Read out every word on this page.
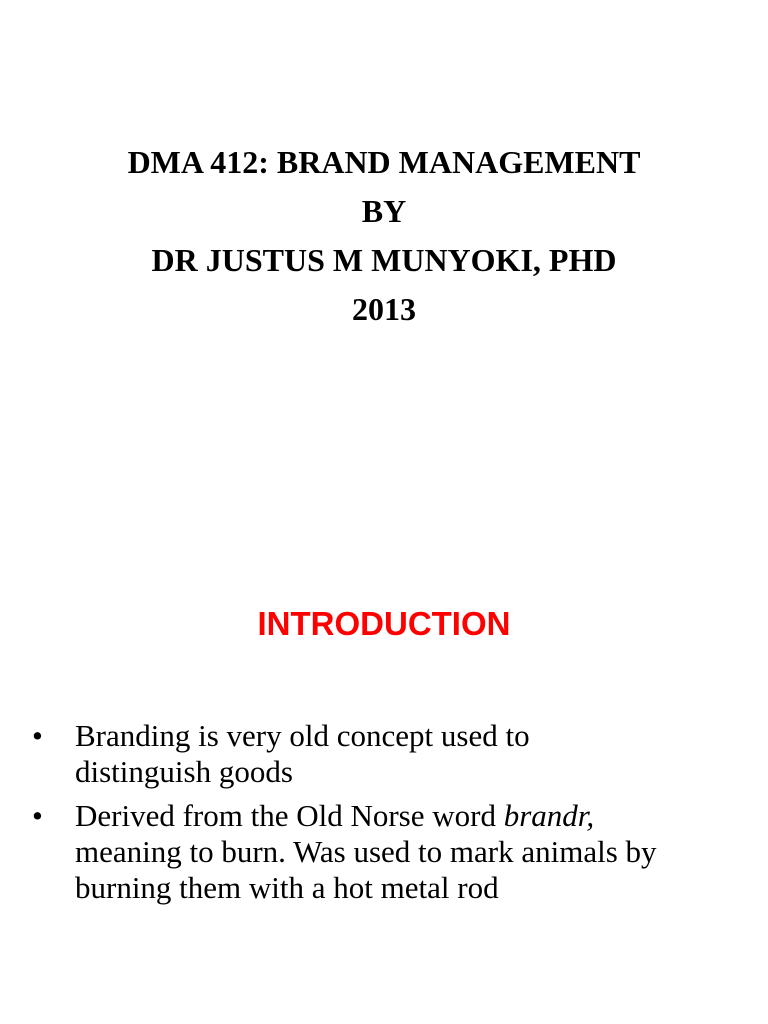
DMA 412: BRAND MANAGEMENT
BY
DR JUSTUS M MUNYOKI, PHD
2013
INTRODUCTION
• Branding is very old concept used to
distinguish goods
• Derived from the Old Norse word brandr,
meaning to burn. Was used to mark animals by
burning them with a hot metal rod
